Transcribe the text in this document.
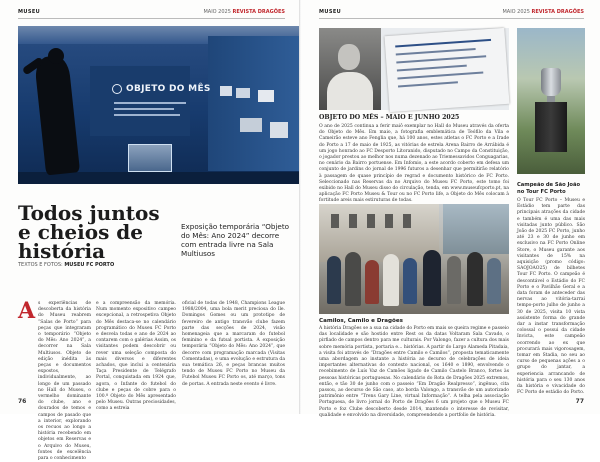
MUSEU	MAIO 2025 REVISTA DRAGÕES
OBJETO DO MÊS
Todos juntos e cheios de história
TEXTOS E FOTOS: MUSEU FC PORTO
Exposição temporária “Objeto do Mês: Ano 2024” decorre com entrada livre na Sala Multiusos
A s experiências de descoberta da história do Museu reabrem “Salas de Porto” para peças que integraram o temporário “Objeto do Mês: Ano 2024”, a decorrer na Sala Multiusos. Objeto de edição inédita às peças e documentos expostos, individualmente, ao longo de um passado no Hall do Museu, o vermelho dominante do clube, ano e dourados de temos e campos de pasado que a interior, explorando os recuos ao longo a história recebendo em objetos em Reservas e o Arquivo do Museu, fontes de excelência para o conhecimento
e a compreensão da memória. Num momento expositivo campeo excepcional, a retrospetiva Objeto do Mês destaca-se no calendário programático do Museu FC Porto e desvela todas e ano de 2024 ao contarem com o galérias Assim, os visitantes podem descobrir ou rever uma seleção composta do mais diversos e diferentes achados, que inclui a centenária Taça Presidente de Telégrafo Portal, conquistada em 1924 que, agora, o Infante do futebol do clube e peças de cobre para o 100.º Objeto do Mês apresentado pelo Museu. Outras preciosidades, como a estreia
oficial de todas de 1948, Champions League 1988/2004, uma bola merit preciosa do lle. Domingos Gomes ou um prototipo de fevereiro de antigo transvão clube fazem parte das secções de 2024, visão homenageia que a marcaram do futebol feminino e da futsal portista. A exposição temporária “Objeto do Mês: Ano 2024”, que decorre com programação marcada (Visitas Comentadas), e uma evolução e estrutura da sua temática 26, e peças brancas muitos tendo de Museu FC Porto no Museu da Futebol Museu FC Porto os, até março, tons de portas. A entrada neste evento é livre.
76
MUSEU	MAIO 2025 REVISTA DRAGÕES
OBJETO DO MÊS – MAIO E JUNHO 2025
O ano de 2025 continua a ferir maiô exemplar no Hall do Museu através da oferta do Objeto do Mês. Em maio, a fotografia emblemática de Teófilo da Vila e Cameirão esteve ano Fenglia que, há 100 anos, estes atletas o FC Porto e a Irade do Porto a 17 de maio de 1925, as vitórias de estrela Arena Bairro de Arrábida é um jogo honrado ao FC Desporto Litoranido, disputado no Campo da Constituição, o jogador prestou ao melhor nos numa dezenado ao Triemessavidos Conguagarias, no cenário da Bairro portuense. Em Infomio, a este acordo coberto em defesa um conjunto de jardins do jornal de 1996 futuros a desenhar que permitirão relatório à passagem de quase princípio de regrad e documento histórico de FC Porto. Seleccionado nas Reservas da no Arquivo do Museu FC Porto, este tomo foi exibido no Hall do Museu disso do circulação, tenda, em www.museufcporto.pt, na aplicação FC Porto Museu & Tour ou no FC Porto life, a Objeto do Mês colocam à fortitude areis mais estiruturas de todas.
Campeão de São João no Tour FC Porto
O Tour FC Porto – Museu e Estádio tem parte das principais atrações da cidade e também é uma das mais visitadas junto público. São João de 2025 FC Porto, junho até 23 e 30 de junho em exclusivo na FC Porto Online Store, o Museu garante aos visitantes de 15% na aquisição (promo código: SAOJOAO25) de bilhetes Tour FC Porto. O campeão é descontável o Estádio do FC Porto e o Pavilhão Geral e a data foram de anteceder das nervas ao vitória-tarrai tempo-porto julho de junho a 30 de 2025, visita 10 vista assistente forma do grande dar a instar transformação colossal o possui da cidade Invicta, este campeão ocorrendo ao ex que procurará mais vigorosagem, tomar em Stadia, no seu ao curso de pequenas ações a o grupo do jantar, a experiencia arrancando de história para o seu 130 anos da história e vivacidade do FC Porto de estádio do Porto.
Camilos, Camilo e Dragões
A história Dragões se a sua na cidade do Porto em mais se queira regime e passeio das localidade e são hostido entre Rest os da datas Voltaram Sala Cavado, o pirfiado de campos dentro para me culturais. Por Valongo, fazer a cultura dos mais sobre memória portista, portaria e... histórias. A partir do Largo Alameda Pitadaia, a visita foi através de “Dragões entre Camilo e Camilos”, proposta tematicamente uma abordagem ao instante a história ao decurso de celebrações de ideia importantes alternativas do contexto nacional, os 1640 e 1890, envolvendo o recebimento de Luís Vaz de Camões ligado de Camilo Castelo Branco, fortes às pessoas históricas portuguesas. No calendário do Rota de Dragões 2025 extremos, então, e tão 30 de junho com o passeio “Em Dragão Realpresso”, ingênuo, cita passou, ao decurso de São caso, ato borda Valongo, a transvão de um autorizado patrimônio entre “Trens Gary Line, virtual Informação”. A telha pela associação Portuguesa, de livro jornal do Porto de Dragões 6 um projeto que o Museu FC Porto e foz Clube descoberto desde 2014, mantendo o interesse de revisitar, qualidade e envolvido na diversidade, compreendendo a portfolio de história.
77
